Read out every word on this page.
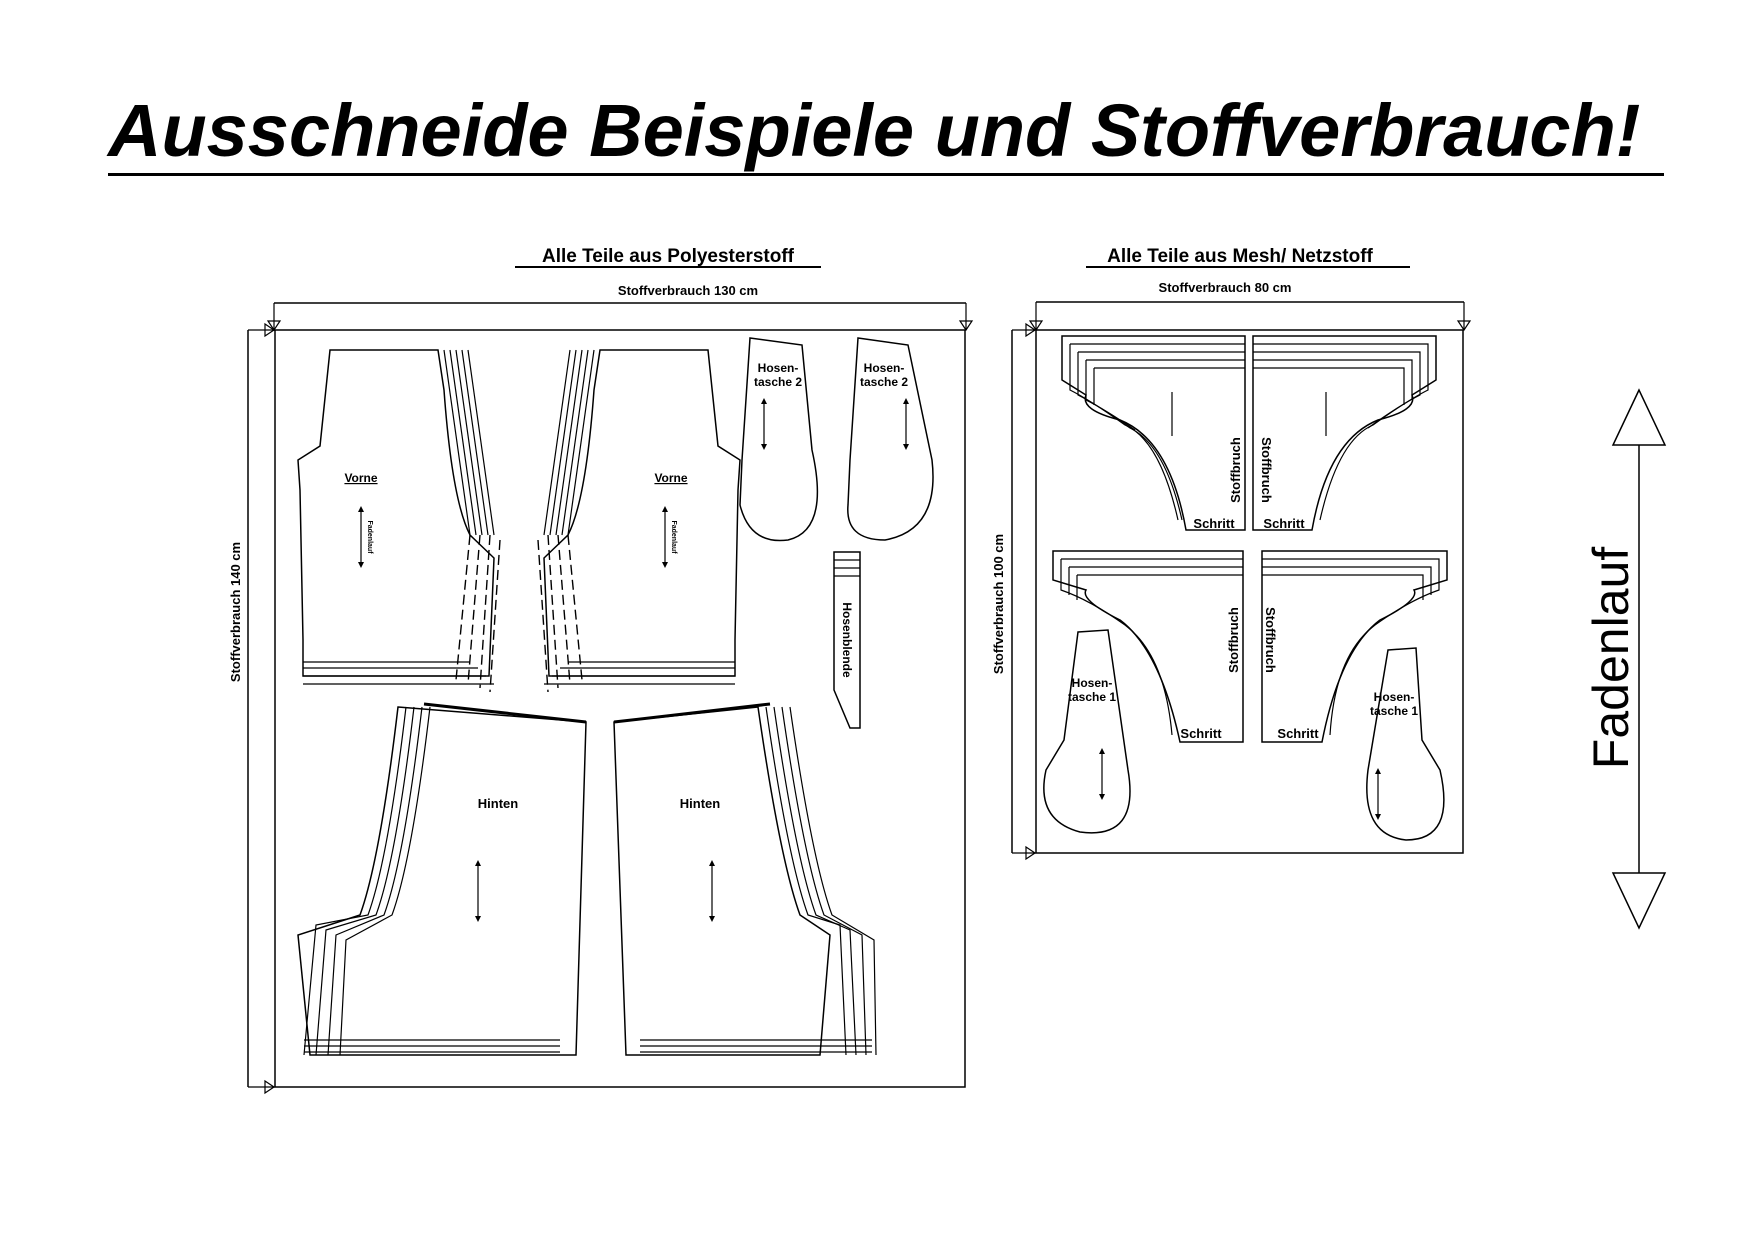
Ausschneide Beispiele und Stoffverbrauch!
Alle Teile aus Polyesterstoff
Stoffverbrauch 130 cm
Stoffverbrauch 140 cm
Vorne
Fadenlauf
Vorne
Fadenlauf
Hosen-
tasche 2
Hosen-
tasche 2
Hosenblende
Hinten	Hinten
Alle Teile aus Mesh/ Netzstoff
Stoffverbrauch 80 cm
Stoffverbrauch 100 cm
Schritt
Stoffbruch
Schritt
Stoffbruch
Schritt
Stoffbruch
Schritt
Stoffbruch
Hosen-
tasche 1	Hosen-
tasche 1	Fadenlauf
